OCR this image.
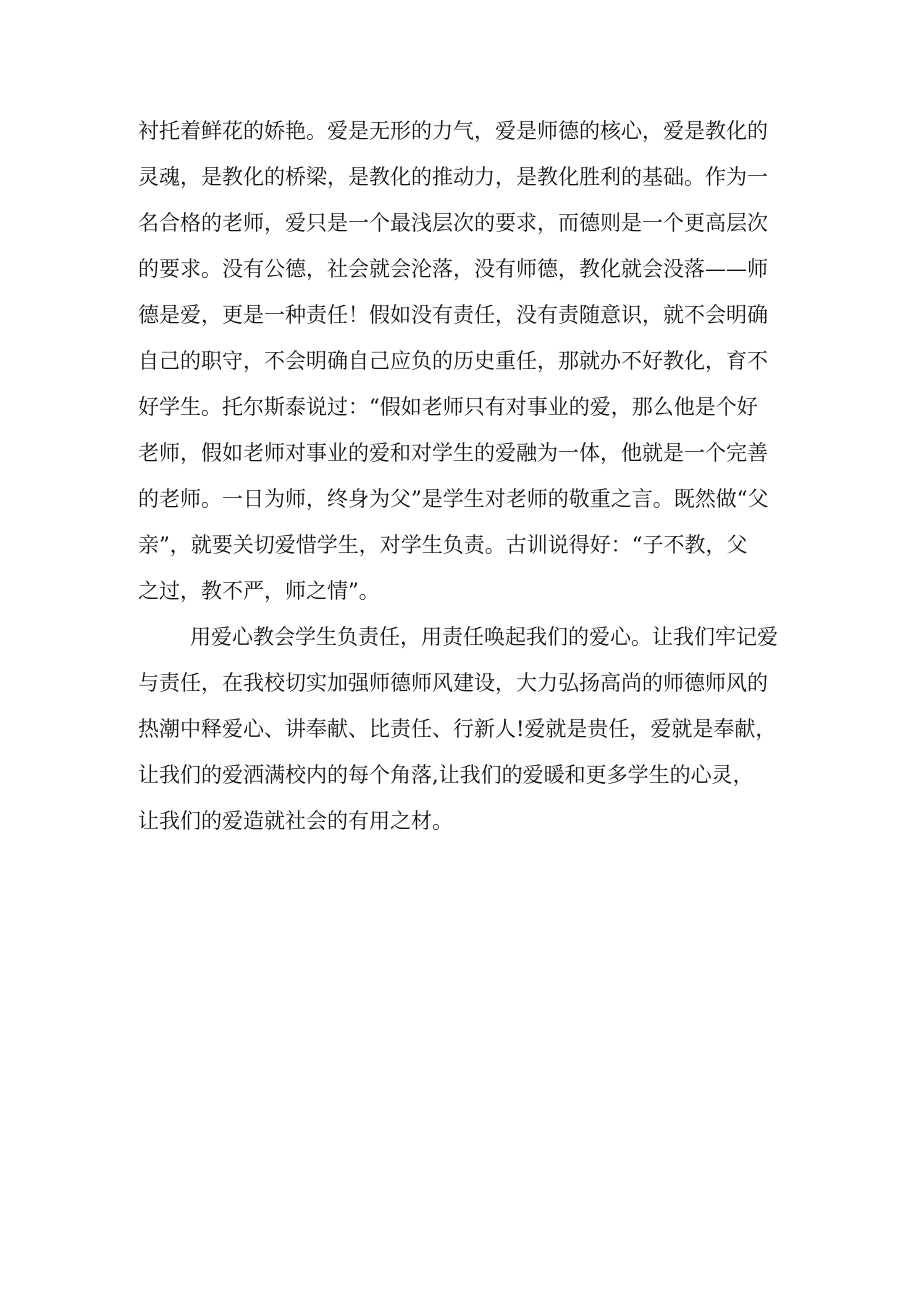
衬托着鲜花的娇艳。爱是无形的力气，爱是师德的核心，爱是教化的

灵魂，是教化的桥梁，是教化的推动力，是教化胜利的基础。作为一

名合格的老师，爱只是一个最浅层次的要求，而德则是一个更高层次

的要求。没有公德，社会就会沦落，没有师德，教化就会没落——师

德是爱，更是一种责任！假如没有责任，没有责随意识，就不会明确

自己的职守，不会明确自己应负的历史重任，那就办不好教化，育不

好学生。托尔斯泰说过：“假如老师只有对事业的爱，那么他是个好

老师，假如老师对事业的爱和对学生的爱融为一体，他就是一个完善

的老师。一日为师，终身为父”是学生对老师的敬重之言。既然做“父

亲”，就要关切爱惜学生，对学生负责。古训说得好：“子不教，父

之过，教不严，师之情”。

用爱心教会学生负责任，用责任唤起我们的爱心。让我们牢记爱

与责任，在我校切实加强师德师风建设，大力弘扬高尚的师德师风的

热潮中释爱心、讲奉献、比责任、行新人!爱就是贵任，爱就是奉献，

让我们的爱洒满校内的每个角落,让我们的爱暖和更多学生的心灵，

让我们的爱造就社会的有用之材。
